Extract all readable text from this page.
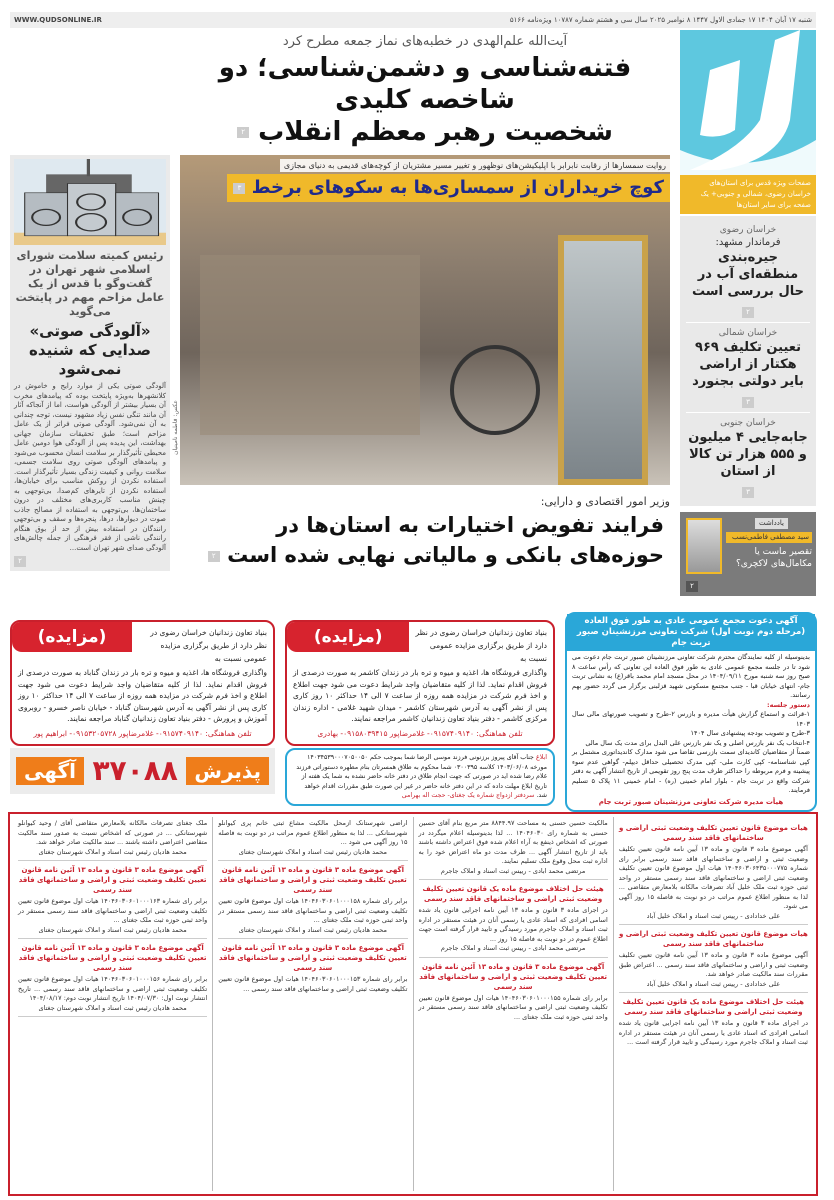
شنبه ۱۷ آبان ۱۴۰۴ ۱۷ جمادی الاول ۱۴۴۷ ۸ نوامبر ۲۰۲۵ سال سی و هشتم شماره ۱۰۷۸۷ ویژه‌نامه ۵۱۶۶
WWW.QUDSONLINE.IR
صفحات ویژه قدس برای استان‌های خراسان رضوی، شمالی و جنوبی+ یک صفحه برای سایر استان‌ها
خراسان رضوی
فرماندار مشهد:
جیره‌بندی منطقه‌ای آب در حال بررسی است
۲
خراسان شمالی
تعیین تکلیف ۹۶۹ هکتار از اراضی بایر دولتی بجنورد
۳
خراسان جنوبی
جابه‌جایی ۴ میلیون و ۵۵۵ هزار تن کالا از استان
۳
یادداشت
سید مصطفی فاطمی‌نسب
تقصیر ماست یا مکامال‌های لاکچری؟
۲
آیت‌الله علم‌الهدی در خطبه‌های نماز جمعه مطرح کرد
فتنه‌شناسی و دشمن‌شناسی؛ دو شاخصه کلیدی
شخصیت رهبر معظم انقلاب ۲
روایت سمسارها از رقابت نابرابر با اپلیکیشن‌های نوظهور و تغییر مسیر مشتریان از کوچه‌های قدیمی به دنیای مجازی
کوچ خریداران از سمساری‌ها به سکوهای برخط ۳
عکس: فاطمه نامینیان
رئیس کمیته سلامت شورای اسلامی شهر تهران در گفت‌وگو با قدس از یک عامل مزاحم مهم در پایتخت می‌گوید
«آلودگی صوتی» صدایی که شنیده نمی‌شود
آلودگی صوتی یکی از موارد رایج و خاموش در کلانشهرها به‌ویژه پایتخت بوده که پیامدهای مخرب آن بسیار بیشتر از آلودگی هواست، اما از آنجاکه آثار آن مانند تنگی نفس زیاد مشهود نیست، توجه چندانی به آن نمی‌شود. آلودگی صوتی فراتر از یک عامل مزاحم است؛ طبق تحقیقات سازمان جهانی بهداشت، این پدیده پس از آلودگی هوا دومین عامل محیطی تأثیرگذار بر سلامت انسان محسوب می‌شود و پیامدهای آلودگی صوتی روی سلامت جسمی، سلامت روانی و کیفیت زندگی بسیار تأثیرگذار است. استفاده نکردن از روکش مناسب برای خیابان‌ها، استفاده نکردن از تایرهای کم‌صدا، بی‌توجهی به چینش مناسب کاربری‌های مختلف در درون ساختمان‌ها، بی‌توجهی به استفاده از مصالح جاذب صوت در دیوارها، درها، پنجره‌ها و سقف و بی‌توجهی رانندگان در استفاده بیش از حد از بوق هنگام رانندگی ناشی از فقر فرهنگی از جمله چالش‌های آلودگی صدای شهر تهران است...
۲
وزیر امور اقتصادی و دارایی:
فرایند تفویض اختیارات به استان‌ها در حوزه‌های بانکی و مالیاتی نهایی شده است ۲
آگهی دعوت مجمع عمومی عادی به طور فوق العاده (مرحله دوم نوبت اول) شرکت تعاونی مرزنشینان صبور تربت جام
بدینوسیله از کلیه نمایندگان محترم شرکت تعاونی مرزنشینان صبور تربت جام دعوت می شود تا در جلسه مجمع عمومی عادی به طور فوق العاده این تعاونی که رأس ساعت ۸ صبح روز سه شنبه مورخ ۱۴۰۴/۰۹/۱۱ در محل مسجد امام محمد باقر(ع) به نشانی تربت جام- انتهای خیابان قبا - جنب مجتمع مسکونی شهید قزلبنی برگزار می گردد حضور بهم رسانند.
دستور جلسه:
۱-قرائت و استماع گزارش هیأت مدیره و بازرس ۲-طرح و تصویب صورتهای مالی سال ۱۴۰۳
۳-طرح و تصویب بودجه پیشنهادی سال ۱۴۰۴
۴-انتخاب یک نفر بازرس اصلی و یک نفر بازرس علی البدل برای مدت یک سال مالی
ضمناً از متقاضیان کاندیدای سمت بازرسی تقاضا می شود مدارک کاندیداتوری مشتمل بر کپی شناسنامه- کپی کارت ملی- کپی مدرک تحصیلی حداقل دیپلم- گواهی عدم سوء پیشینه و فرم مربوطه را حداکثر ظرف مدت پنج روز تقویمی از تاریخ انتشار آگهی به دفتر شرکت واقع در تربت جام - بلوار امام خمینی (ره) - امام خمینی ۱۱ پلاک ۵ تسلیم فرمایند.
هیأت مدیره شرکت تعاونی مرزنشینان صبور تربت جام
بنیاد تعاون زندانیان خراسان رضوی در نظر دارد از طریق برگزاری مزایده عمومی نسبت به
(مزایده)
واگذاری فروشگاه ها، اغذیه و میوه و تره بار در زندان کاشمر به صورت درصدی از فروش اقدام نماید. لذا از کلیه متقاضیان واجد شرایط دعوت می شود جهت اطلاع و اخذ فرم شرکت در مزایده همه روزه از ساعت ۷ الی ۱۴ حداکثر ۱۰ روز کاری پس از نشر آگهی به آدرس شهرستان کاشمر - میدان شهید غلامی - اداره زندان مرکزی کاشمر - دفتر بنیاد تعاون زندانیان کاشمر مراجعه نمایند.
تلفن هماهنگی: ۰۹۱۵۷۴۰۹۱۴۰- غلامرضاپور ۰۹۱۵۸۰۳۹۴۱۵- بهادری
بنیاد تعاون زندانیان خراسان رضوی در نظر دارد از طریق برگزاری مزایده عمومی نسبت به
(مزایده)
واگذاری فروشگاه ها، اغذیه و میوه و تره بار در زندان گناباد به صورت درصدی از فروش اقدام نماید. لذا از کلیه متقاضیان واجد شرایط دعوت می شود جهت اطلاع و اخذ فرم شرکت در مزایده همه روزه از ساعت ۷ الی ۱۴ حداکثر ۱۰ روز کاری پس از نشر آگهی به آدرس شهرستان گناباد - خیابان ناصر خسرو - روبروی آموزش و پرورش - دفتر بنیاد تعاون زندانیان گناباد مراجعه نمایند.
تلفن هماهنگی: ۰۹۱۵۷۴۰۹۱۴۰- غلامرضاپور ۰۹۱۵۳۲۰۵۷۲۸- ابراهیم پور
ابلاغ جناب آقای پیروز برزنونی فرزند موسی الرضا شما بموجب حکم ۱۴۰۳۴۵۳۹۰۰۰۷۰۵۰۰۵۰ مورخه ۱۴۰۳/۰۶/۰۸ کلاسه ۰۳۰۰۳۹۵ شما محکوم به طلاق همسرتان بنام مطهره دستوراتی فرزند غلام رضا شده اید در صورتی که جهت انجام طلاق در دفتر خانه حاضر نشده به شما یک هفته از تاریخ ابلاغ مهلت داده که در این دفتر خانه حاضر در غیر این صورت طبق مقررات اقدام خواهد شد. سردفتر ازدواج شماره یک جغتای- حجت اله بهرامی
پذیرش
۳۷۰۸۸
آگهی
هیات موضوع قانون تعیین تکلیف وضعیت ثبتی اراضی و ساختمانهای فاقد سند رسمی
آگهی موضوع ماده ۳ قانون و ماده ۱۳ آیین نامه قانون تعیین تکلیف وضعیت ثبتی و اراضی و ساختمانهای فاقد سند رسمی برابر رای شماره ۱۴۰۴۶۰۳۰۶۴۳۵۰۰۰۷۷۵ هیات اول موضوع قانون تعیین تکلیف وضعیت ثبتی اراضی و ساختمانهای فاقد سند رسمی مستقر در واحد ثبتی حوزه ثبت ملک خلیل آباد تصرفات مالکانه بلامعارض متقاضی ... لذا به منظور اطلاع عموم مراتب در دو نوبت به فاصله ۱۵ روز آگهی می شود.
علی خدادادی - رییس ثبت اسناد و املاک خلیل آباد
هیات موضوع قانون تعیین تکلیف وضعیت ثبتی اراضی و ساختمانهای فاقد سند رسمی
آگهی موضوع ماده ۳ قانون و ماده ۱۳ آیین نامه قانون تعیین تکلیف وضعیت ثبتی و اراضی و ساختمانهای فاقد سند رسمی ... اعتراض طبق مقررات سند مالکیت صادر خواهد شد.
علی خدادادی - رییس ثبت اسناد و املاک خلیل آباد
هیئت حل اختلاف موضوع ماده یک قانون تعیین تکلیف وضعیت ثبتی اراضی و ساختمانهای فاقد سند رسمی
در اجرای ماده ۳ قانون و ماده ۱۳ آیین نامه اجرایی قانون یاد شده اسامی افرادی که اسناد عادی یا رسمی آنان در هیئت مستقر در اداره ثبت اسناد و املاک جاجرم مورد رسیدگی و تایید قرار گرفته است ...
مالکیت حسین حسنی به مساحت ۸۸۴۴.۹۷ متر مربع بنام آقای حسین حسنی به شماره رای ۱۴۰۴۶۰۳۰ ... لذا بدینوسیله اعلام میگردد در صورتی که اشخاص ذینفع به آراء اعلام شده فوق اعتراض داشته باشند باید از تاریخ انتشار آگهی ... ظرف مدت دو ماه اعتراض خود را به اداره ثبت محل وقوع ملک تسلیم نمایند.
مرتضی محمد ابادی - رییس ثبت اسناد و املاک جاجرم
هیئت حل اختلاف موضوع ماده یک قانون تعیین تکلیف وضعیت ثبتی اراضی و ساختمانهای فاقد سند رسمی
در اجرای ماده ۳ قانون و ماده ۱۳ آیین نامه اجرایی قانون یاد شده اسامی افرادی که اسناد عادی یا رسمی آنان در هیئت مستقر در اداره ثبت اسناد و املاک جاجرم مورد رسیدگی و تایید قرار گرفته است جهت اطلاع عموم در دو نوبت به فاصله ۱۵ روز ...
مرتضی محمد ابادی - رییس ثبت اسناد و املاک جاجرم
آگهی موضوع ماده ۳ قانون و ماده ۱۳ آئین نامه قانون تعیین تکلیف وضعیت ثبتی و اراضی و ساختمانهای فاقد سند رسمی
برابر رای شماره ۱۴۰۴۶۰۳۰۶۰۱۰۰۰۱۵۵ هیات اول موضوع قانون تعیین تکلیف وضعیت ثبتی اراضی و ساختمانهای فاقد سند رسمی مستقر در واحد ثبتی حوزه ثبت ملک جغتای ...
اراضی شهرستانک ازمحل مالکیت مشاع ثبتی خانم پری کیوانلو شهرستانکی ... لذا به منظور اطلاع عموم مراتب در دو نوبت به فاصله ۱۵ روز آگهی می شود ...
محمد هادیان رئیس ثبت اسناد و املاک شهرستان جغتای
آگهی موضوع ماده ۳ قانون و ماده ۱۳ آئین نامه قانون تعیین تکلیف وضعیت ثبتی و اراضی و ساختمانهای فاقد سند رسمی
برابر رای شماره ۱۴۰۴۶۰۳۰۶۰۱۰۰۰۱۵۸ هیات اول موضوع قانون تعیین تکلیف وضعیت ثبتی اراضی و ساختمانهای فاقد سند رسمی مستقر در واحد ثبتی حوزه ثبت ملک جغتای ...
محمد هادیان رئیس ثبت اسناد و املاک شهرستان جغتای
آگهی موضوع ماده ۳ قانون و ماده ۱۳ آئین نامه قانون تعیین تکلیف وضعیت ثبتی و اراضی و ساختمانهای فاقد سند رسمی
برابر رای شماره ۱۴۰۴۶۰۳۰۶۰۱۰۰۰۱۵۳ هیات اول موضوع قانون تعیین تکلیف وضعیت ثبتی اراضی و ساختمانهای فاقد سند رسمی ...
ملک جغتای تصرفات مالکانه بلامعارض متقاضی آقای / وحید کیوانلو شهرستانکی ... در صورتی که اشخاص نسبت به صدور سند مالکیت متقاضی اعتراضی داشته باشند ... سند مالکیت صادر خواهد شد.
محمد هادیان رئیس ثبت اسناد و املاک شهرستان جغتای
آگهی موضوع ماده ۳ قانون و ماده ۱۳ آئین نامه قانون تعیین تکلیف وضعیت ثبتی و اراضی و ساختمانهای فاقد سند رسمی
برابر رای شماره ۱۴۰۴۶۰۳۰۶۰۱۰۰۰۱۶۳ هیات اول موضوع قانون تعیین تکلیف وضعیت ثبتی اراضی و ساختمانهای فاقد سند رسمی مستقر در واحد ثبتی حوزه ثبت ملک جغتای ...
محمد هادیان رئیس ثبت اسناد و املاک شهرستان جغتای
آگهی موضوع ماده ۳ قانون و ماده ۱۳ آئین نامه قانون تعیین تکلیف وضعیت ثبتی و اراضی و ساختمانهای فاقد سند رسمی
برابر رای شماره ۱۴۰۴۶۰۳۰۶۰۱۰۰۰۱۵۶ هیات اول موضوع قانون تعیین تکلیف وضعیت ثبتی اراضی و ساختمانهای فاقد سند رسمی ... تاریخ انتشار نوبت اول: ۱۴۰۴/۰۷/۳۰ تاریخ انتشار نوبت دوم: ۱۴۰۴/۰۸/۱۷
محمد هادیان رئیس ثبت اسناد و املاک شهرستان جغتای
